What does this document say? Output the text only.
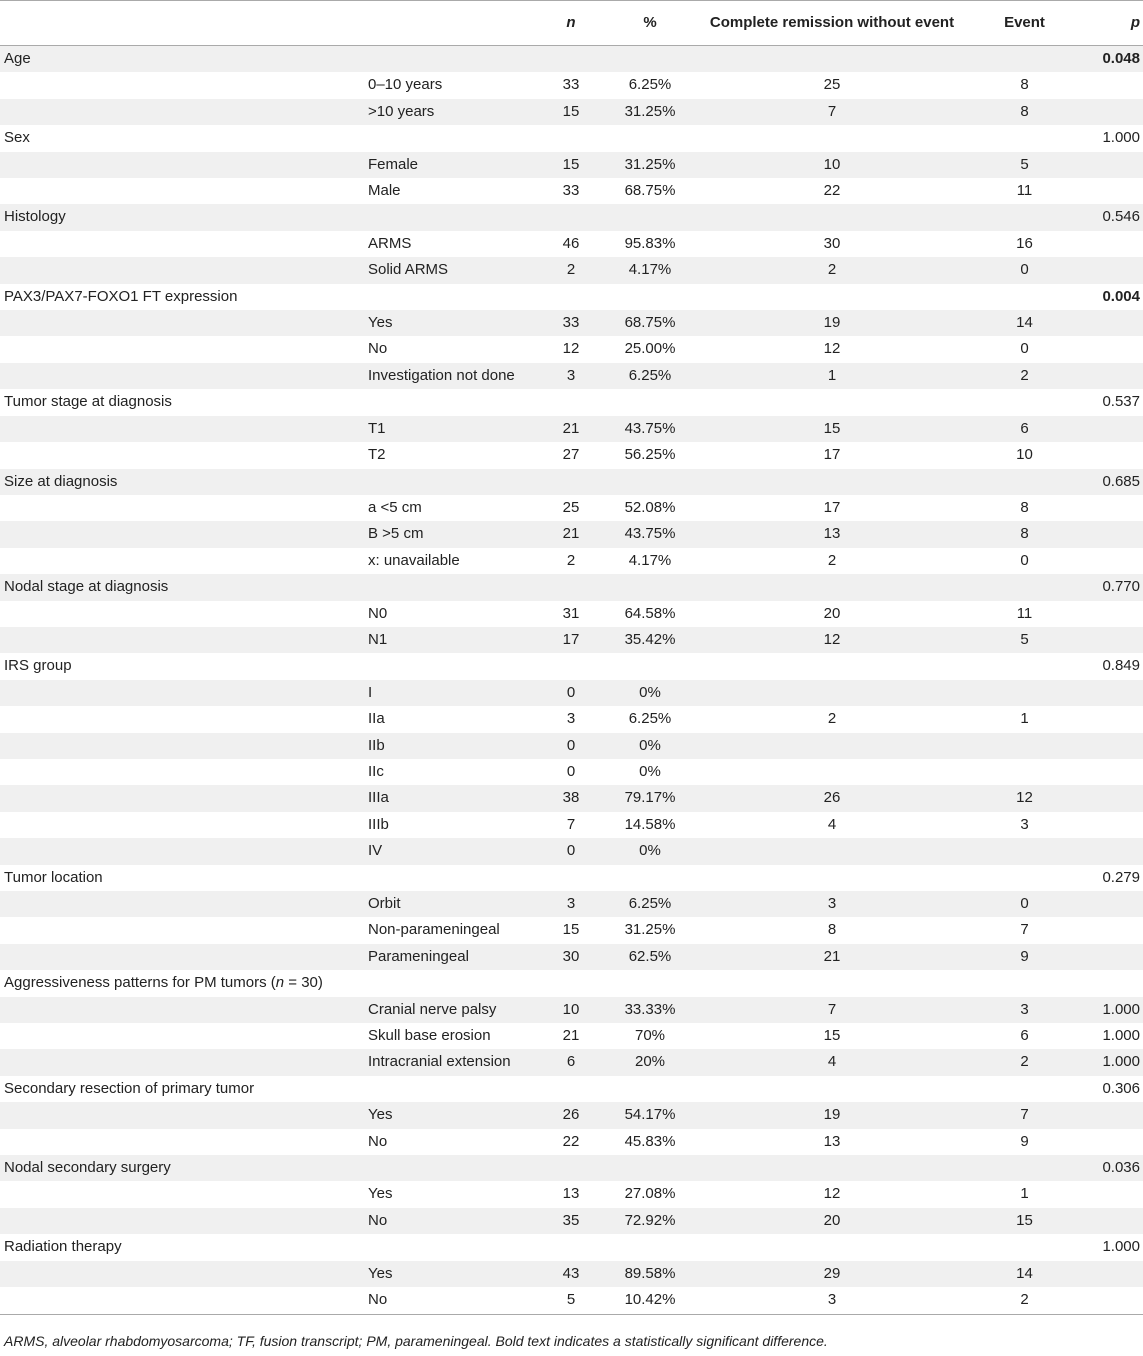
		n	%	Complete remission without event	Event	p
Age						0.048
	0–10 years	33	6.25%	25	8	
	>10 years	15	31.25%	7	8	
Sex						1.000
	Female	15	31.25%	10	5	
	Male	33	68.75%	22	11	
Histology						0.546
	ARMS	46	95.83%	30	16	
	Solid ARMS	2	4.17%	2	0	
PAX3/PAX7-FOXO1 FT expression						0.004
	Yes	33	68.75%	19	14	
	No	12	25.00%	12	0	
	Investigation not done	3	6.25%	1	2	
Tumor stage at diagnosis						0.537
	T1	21	43.75%	15	6	
	T2	27	56.25%	17	10	
Size at diagnosis						0.685
	a <5 cm	25	52.08%	17	8	
	B >5 cm	21	43.75%	13	8	
	x: unavailable	2	4.17%	2	0	
Nodal stage at diagnosis						0.770
	N0	31	64.58%	20	11	
	N1	17	35.42%	12	5	
IRS group						0.849
	I	0	0%			
	IIa	3	6.25%	2	1	
	IIb	0	0%			
	IIc	0	0%			
	IIIa	38	79.17%	26	12	
	IIIb	7	14.58%	4	3	
	IV	0	0%			
Tumor location						0.279
	Orbit	3	6.25%	3	0	
	Non-parameningeal	15	31.25%	8	7	
	Parameningeal	30	62.5%	21	9	
Aggressiveness patterns for PM tumors (n = 30)						
	Cranial nerve palsy	10	33.33%	7	3	1.000
	Skull base erosion	21	70%	15	6	1.000
	Intracranial extension	6	20%	4	2	1.000
Secondary resection of primary tumor						0.306
	Yes	26	54.17%	19	7	
	No	22	45.83%	13	9	
Nodal secondary surgery						0.036
	Yes	13	27.08%	12	1	
	No	35	72.92%	20	15	
Radiation therapy						1.000
	Yes	43	89.58%	29	14	
	No	5	10.42%	3	2	
ARMS, alveolar rhabdomyosarcoma; TF, fusion transcript; PM, parameningeal. Bold text indicates a statistically significant difference.
